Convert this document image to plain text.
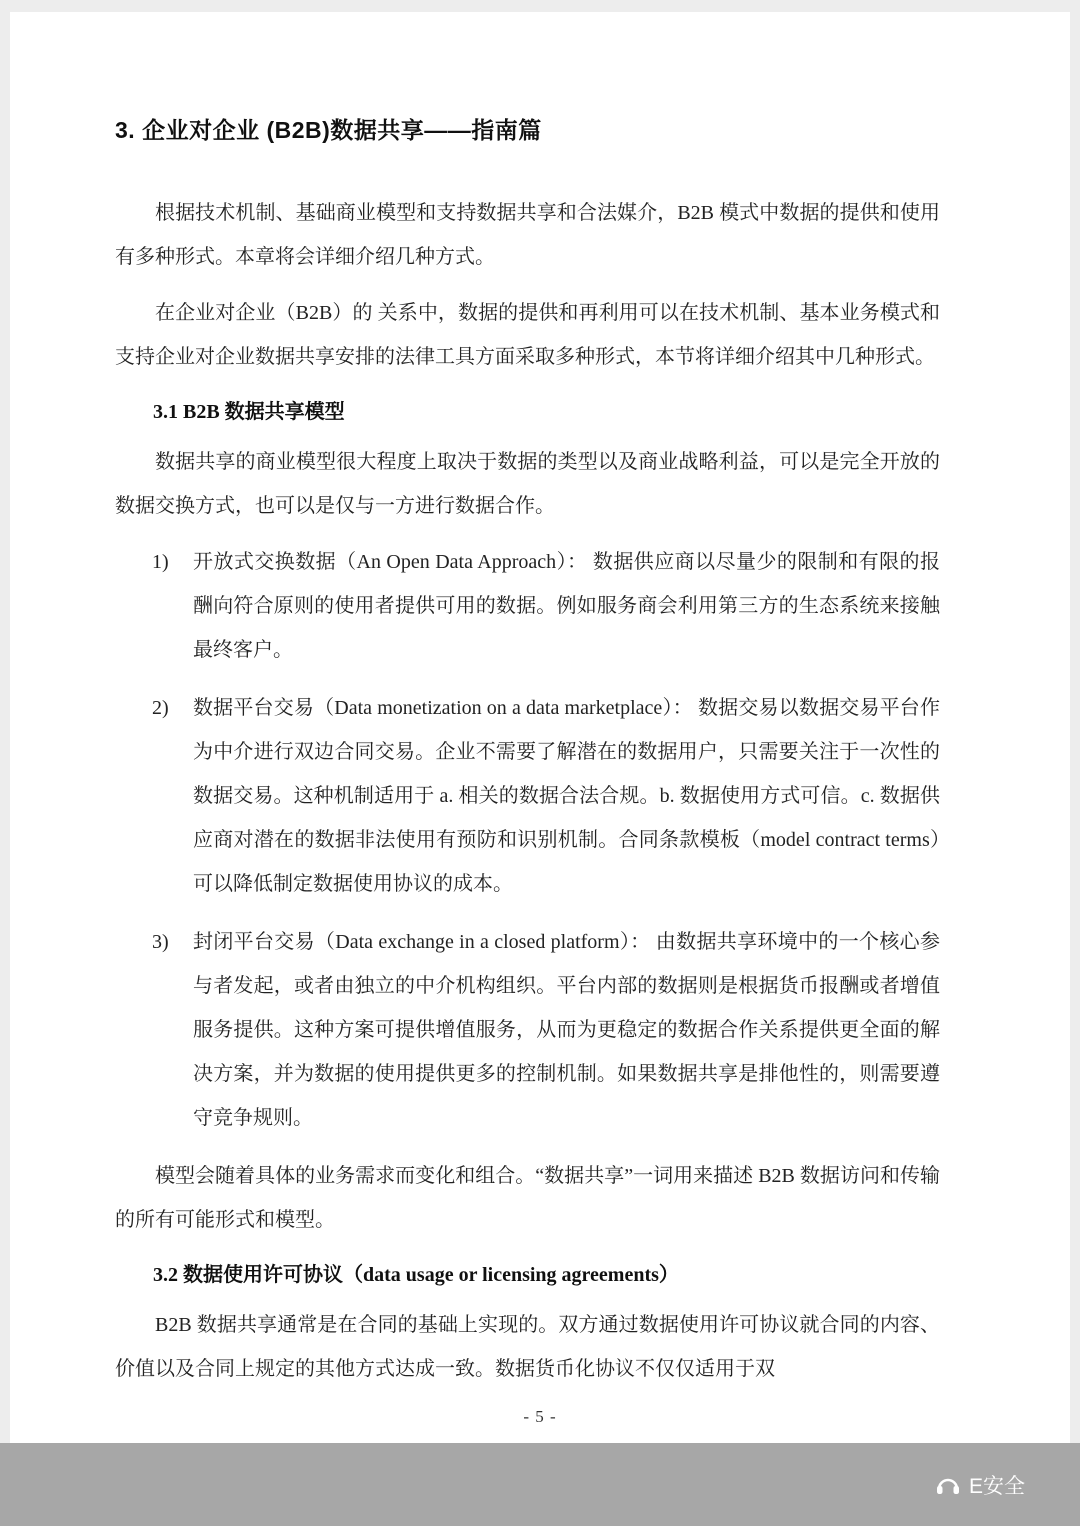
3. 企业对企业 (B2B)数据共享——指南篇

根据技术机制、基础商业模型和支持数据共享和合法媒介，B2B 模式中数据的提供和使用有多种形式。本章将会详细介绍几种方式。

在企业对企业（B2B）的 关系中，数据的提供和再利用可以在技术机制、基本业务模式和支持企业对企业数据共享安排的法律工具方面采取多种形式，本节将详细介绍其中几种形式。

3.1 B2B 数据共享模型

数据共享的商业模型很大程度上取决于数据的类型以及商业战略利益，可以是完全开放的数据交换方式，也可以是仅与一方进行数据合作。

1)	开放式交换数据（An Open Data Approach）： 数据供应商以尽量少的限制和有限的报酬向符合原则的使用者提供可用的数据。例如服务商会利用第三方的生态系统来接触最终客户。
2)	数据平台交易（Data monetization on a data marketplace）： 数据交易以数据交易平台作为中介进行双边合同交易。企业不需要了解潜在的数据用户，只需要关注于一次性的数据交易。这种机制适用于 a. 相关的数据合法合规。b. 数据使用方式可信。c. 数据供应商对潜在的数据非法使用有预防和识别机制。合同条款模板（model contract terms）可以降低制定数据使用协议的成本。
3)	封闭平台交易（Data exchange in a closed platform）： 由数据共享环境中的一个核心参与者发起，或者由独立的中介机构组织。平台内部的数据则是根据货币报酬或者增值服务提供。这种方案可提供增值服务，从而为更稳定的数据合作关系提供更全面的解决方案，并为数据的使用提供更多的控制机制。如果数据共享是排他性的，则需要遵守竞争规则。

模型会随着具体的业务需求而变化和组合。“数据共享”一词用来描述 B2B 数据访问和传输的所有可能形式和模型。

3.2 数据使用许可协议（data usage or licensing agreements）

B2B 数据共享通常是在合同的基础上实现的。双方通过数据使用许可协议就合同的内容、价值以及合同上规定的其他方式达成一致。数据货币化协议不仅仅适用于双

- 5 -
E安全
